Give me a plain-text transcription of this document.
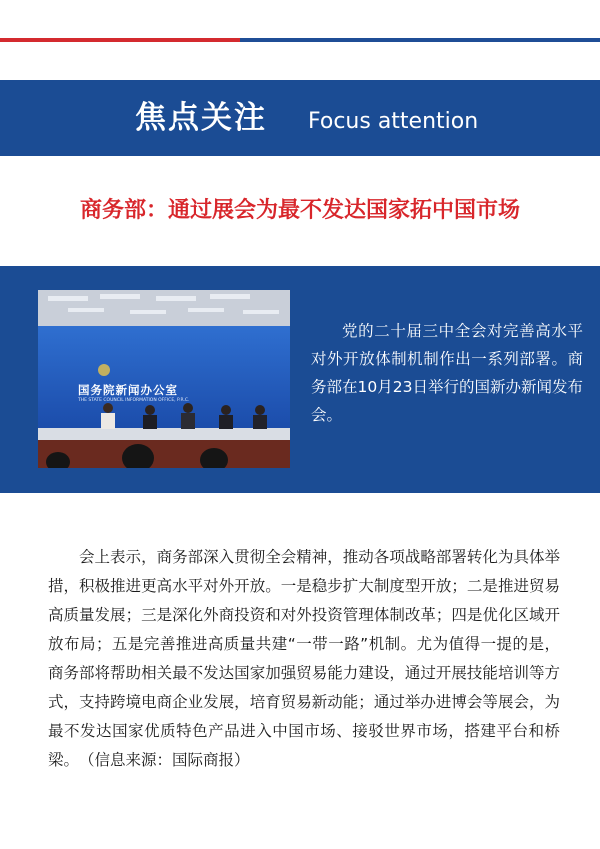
焦点关注 Focus attention
商务部：通过展会为最不发达国家拓中国市场
国务院新闻办公室
THE STATE COUNCIL INFORMATION OFFICE, P.R.C.
党的二十届三中全会对完善高水平对外开放体制机制作出一系列部署。商务部在10月23日举行的国新办新闻发布会。
会上表示，商务部深入贯彻全会精神，推动各项战略部署转化为具体举措，积极推进更高水平对外开放。一是稳步扩大制度型开放；二是推进贸易高质量发展；三是深化外商投资和对外投资管理体制改革；四是优化区域开放布局；五是完善推进高质量共建“一带一路”机制。尤为值得一提的是，商务部将帮助相关最不发达国家加强贸易能力建设，通过开展技能培训等方式，支持跨境电商企业发展，培育贸易新动能；通过举办进博会等展会，为最不发达国家优质特色产品进入中国市场、接驳世界市场，搭建平台和桥梁。　（信息来源：国际商报）
